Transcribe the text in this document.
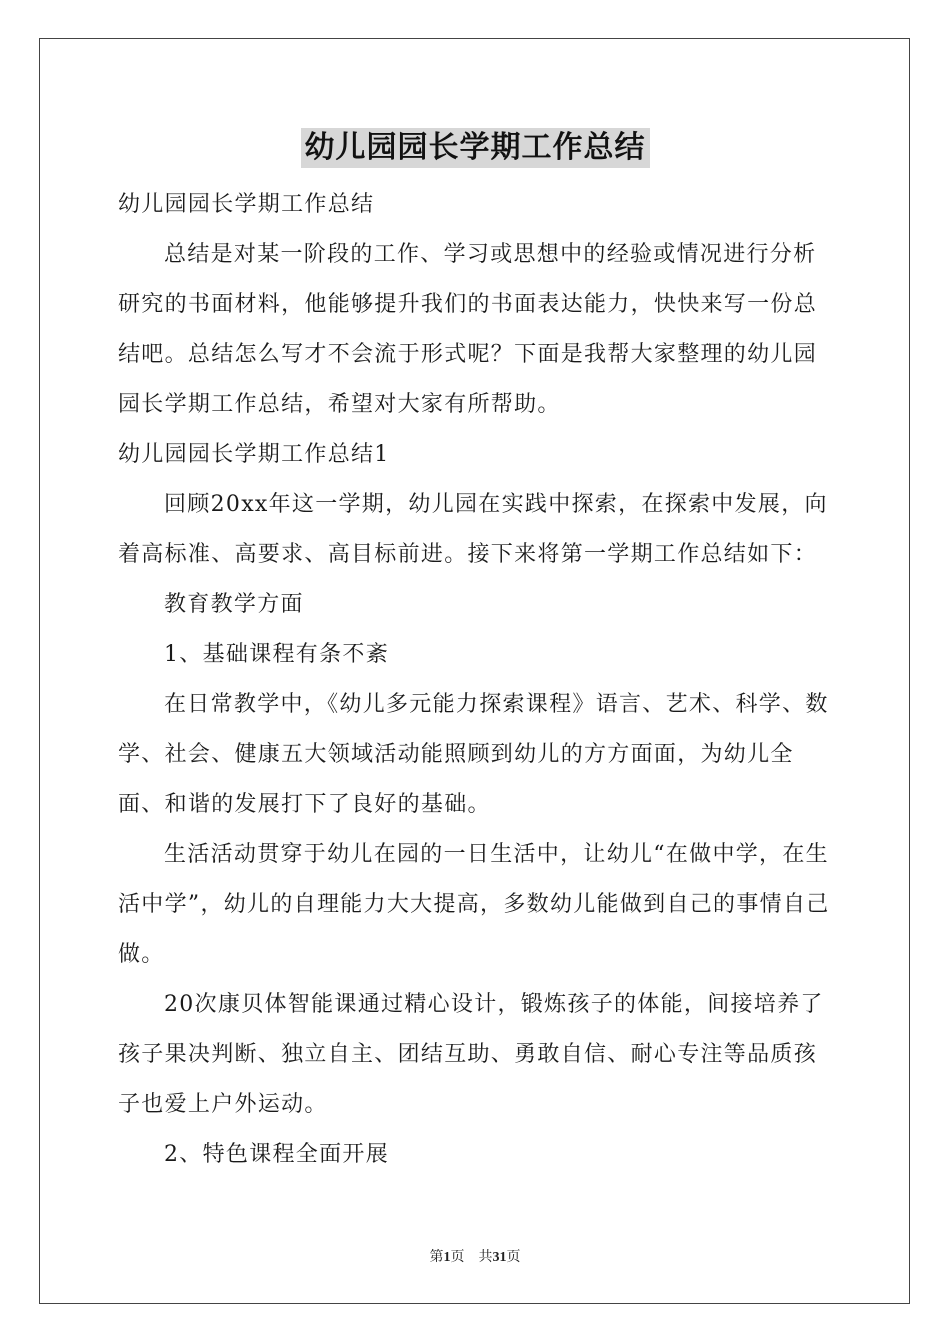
幼儿园园长学期工作总结

幼儿园园长学期工作总结

总结是对某一阶段的工作、学习或思想中的经验或情况进行分析研究的书面材料，他能够提升我们的书面表达能力，快快来写一份总结吧。总结怎么写才不会流于形式呢？下面是我帮大家整理的幼儿园园长学期工作总结，希望对大家有所帮助。

幼儿园园长学期工作总结1

回顾20xx年这一学期，幼儿园在实践中探索，在探索中发展，向着高标准、高要求、高目标前进。接下来将第一学期工作总结如下：

教育教学方面

1、基础课程有条不紊

在日常教学中，《幼儿多元能力探索课程》语言、艺术、科学、数学、社会、健康五大领域活动能照顾到幼儿的方方面面，为幼儿全面、和谐的发展打下了良好的基础。

生活活动贯穿于幼儿在园的一日生活中，让幼儿“在做中学，在生活中学”，幼儿的自理能力大大提高，多数幼儿能做到自己的事情自己做。

20次康贝体智能课通过精心设计，锻炼孩子的体能，间接培养了孩子果决判断、独立自主、团结互助、勇敢自信、耐心专注等品质孩子也爱上户外运动。

2、特色课程全面开展

第1页　共31页
